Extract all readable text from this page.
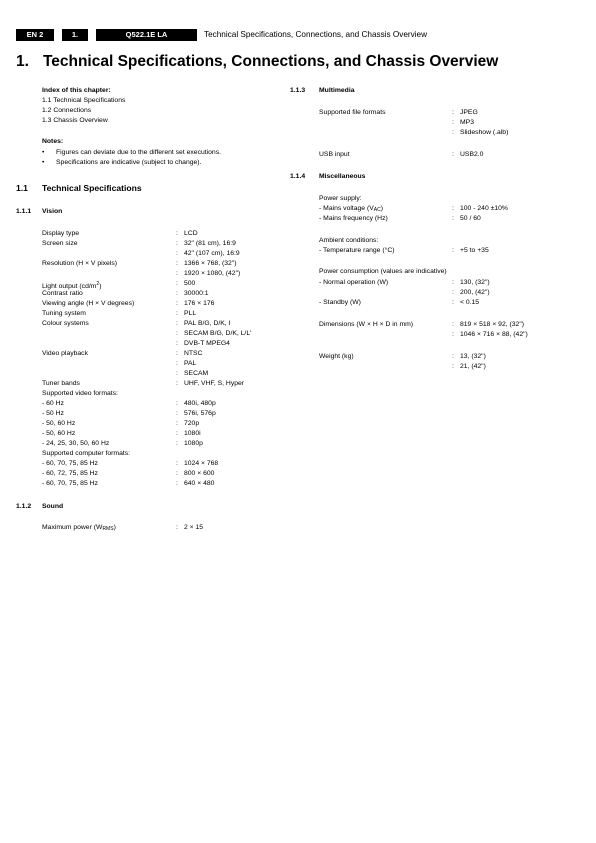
EN 2	1.	Q522.1E LA	Technical Specifications, Connections, and Chassis Overview
1. Technical Specifications, Connections, and Chassis Overview
Index of this chapter:
1.1 Technical Specifications
1.2 Connections
1.3 Chassis Overview
Notes:
• Figures can deviate due to the different set executions.
• Specifications are indicative (subject to change).
1.1 Technical Specifications
1.1.1 Vision
Display type	: LCD
Screen size	: 32" (81 cm), 16:9
: 42" (107 cm), 16:9
Resolution (H × V pixels)	: 1366 × 768, (32")
: 1920 × 1080, (42")
Light output $(cd/m^2)$	: 500
Contrast ratio	: 30000:1
Viewing angle (H × V degrees)	: 176 × 176
Tuning system	: PLL
Colour systems	: PAL B/G, D/K, I
: SECAM B/G, D/K, L/L'
: DVB-T MPEG4
Video playback	: NTSC
: PAL
: SECAM
Tuner bands	: UHF, VHF, S, Hyper
Supported video formats:
- 60 Hz	: 480i, 480p
- 50 Hz	: 576i, 576p
- 50, 60 Hz	: 720p
- 50, 60 Hz	: 1080i
- 24, 25, 30, 50, 60 Hz	: 1080p
Supported computer formats:
- 60, 70, 75, 85 Hz	: 1024 × 768
- 60, 72, 75, 85 Hz	: 800 × 600
- 60, 70, 75, 85 Hz	: 640 × 480
1.1.2 Sound
Maximum power $(W_{RMS})$	: 2 × 15
1.1.3 Multimedia
Supported file formats	: JPEG
: MP3
: Slideshow (.alb)
USB input	: USB2.0
1.1.4 Miscellaneous
Power supply:
- Mains voltage $(V_{AC})$	: 100 - 240 ±10%
- Mains frequency (Hz)	: 50 / 60
Ambient conditions:
- Temperature range (°C)	: +5 to +35
Power consumption (values are indicative)
- Normal operation (W)	: 130, (32")
: 200, (42")
- Standby (W)	: < 0.15
Dimensions (W × H × D in mm)	: 819 × 518 × 92, (32")
: 1046 × 716 × 88, (42")
Weight (kg)	: 13, (32")
: 21, (42")
